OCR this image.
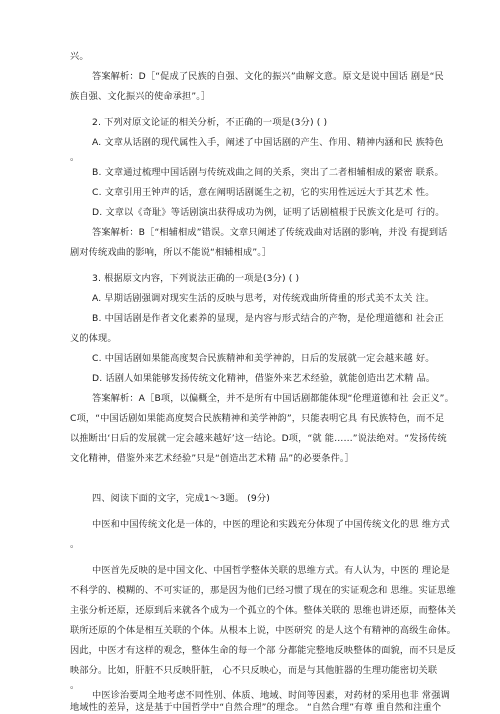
兴。
答案解析：D［“促成了民族的自强、文化的振兴”曲解文意。原文是说中国话 剧是“民
族自强、文化振兴的使命承担”。］
2. 下列对原文论证的相关分析，不正确的一项是(3分) ( )
A. 文章从话剧的现代属性入手，阐述了中国话剧的产生、作用、精神内涵和民 族特色
。
B. 文章通过梳理中国话剧与传统戏曲之间的关系，突出了二者相辅相成的紧密 联系。
C. 文章引用王钟声的话，意在阐明话剧诞生之初，它的实用性远远大于其艺术 性。
D. 文章以《奇耻》等话剧演出获得成功为例，证明了话剧植根于民族文化是可 行的。
答案解析：B［“相辅相成”错误。文章只阐述了传统戏曲对话剧的影响，并没 有提到话
剧对传统戏曲的影响，所以不能说“相辅相成”。］
3. 根据原文内容，下列说法正确的一项是(3分) ( )
A. 早期话剧强调对现实生活的反映与思考，对传统戏曲所倚重的形式美不太关 注。
B. 中国话剧是作者文化素养的显现，是内容与形式结合的产物，是伦理道德和 社会正
义的体现。
C. 中国话剧如果能高度契合民族精神和美学神韵，日后的发展就一定会越来越 好。
D. 话剧人如果能够发扬传统文化精神，借鉴外来艺术经验，就能创造出艺术精 品。
答案解析：A［B项，以偏概全，并不是所有中国话剧都能体现“伦理道德和社 会正义”。
C项，“中国话剧如果能高度契合民族精神和美学神韵”，只能表明它具 有民族特色，而不足
以推断出‘日后的发展就一定会越来越好’这一结论。D项，“就 能……”说法绝对。“发扬传统
文化精神，借鉴外来艺术经验”只是“创造出艺术精 品”的必要条件。］
四、阅读下面的文字，完成1～3题。 (9分)
中医和中国传统文化是一体的，中医的理论和实践充分体现了中国传统文化的思 维方式
。
中医首先反映的是中国文化、中国哲学整体关联的思维方式。有人认为，中医的 理论是
不科学的、模糊的、不可实证的，那是因为他们已经习惯了现在的实证观念和 思维。实证思维
主张分析还原，还原到后来就各个成为一个孤立的个体。整体关联的 思维也讲还原，而整体关
联所还原的个体是相互关联的个体。从根本上说，中医研究 的是人这个有精神的高级生命体。
因此，中医才有这样的观念，整体生命的每一个部 分都能完整地反映整体的面貌，而不只是反
映部分。比如，肝脏不只反映肝脏， 心不只反映心，而是与其他脏器的生理功能密切关联
。
中医诊治要周全地考虑不同性别、体质、地域、时间等因素，对药材的采用也非 常强调
地域性的差异，这是基于中国哲学中“自然合理”的理念。 “自然合理”有尊 重自然和注重个
